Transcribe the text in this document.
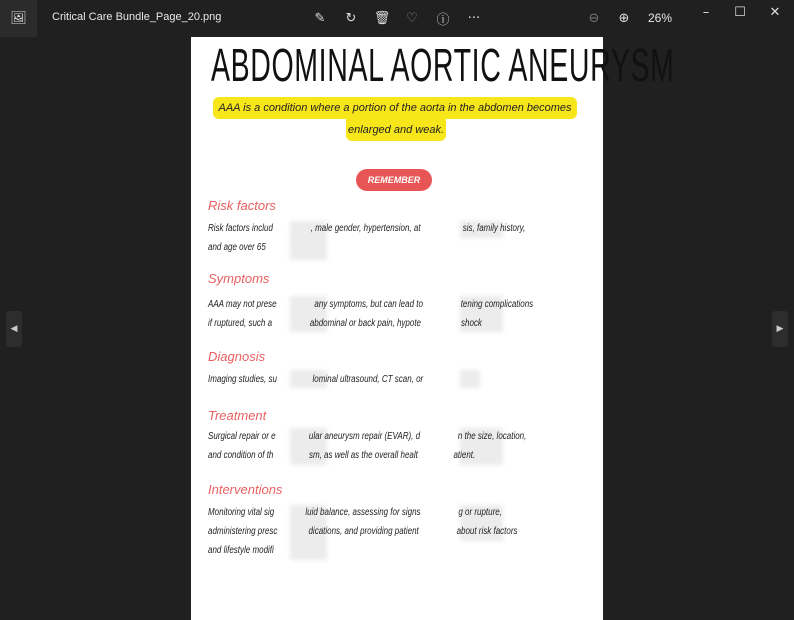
🖼	Critical Care Bundle_Page_20.png	✎ ↻ 🗑 ♡ ⓘ ···	⊖ ⊕ 26%	–	☐ ✕
◀	▶
ABDOMINAL AORTIC ANEURYSM
AAA is a condition where a portion of the aorta in the abdomen becomes
enlarged and weak.
REMEMBER
Risk factors
Risk factors includ                 , male gender, hypertension, at                   sis, family history,
and age over 65
Symptoms
AAA may not prese                 any symptoms, but can lead to                 tening complications
if ruptured, such a                 abdominal or back pain, hypote                  shock
Diagnosis
Imaging studies, su                lominal ultrasound, CT scan, or
Treatment
Surgical repair or e               ular aneurysm repair (EVAR), d                 n the size, location,
and condition of th                sm, as well as the overall healt                atient.
Interventions
Monitoring vital sig              luid balance, assessing for signs                 g or rupture,
administering presc              dications, and providing patient                 about risk factors
and lifestyle modifi
